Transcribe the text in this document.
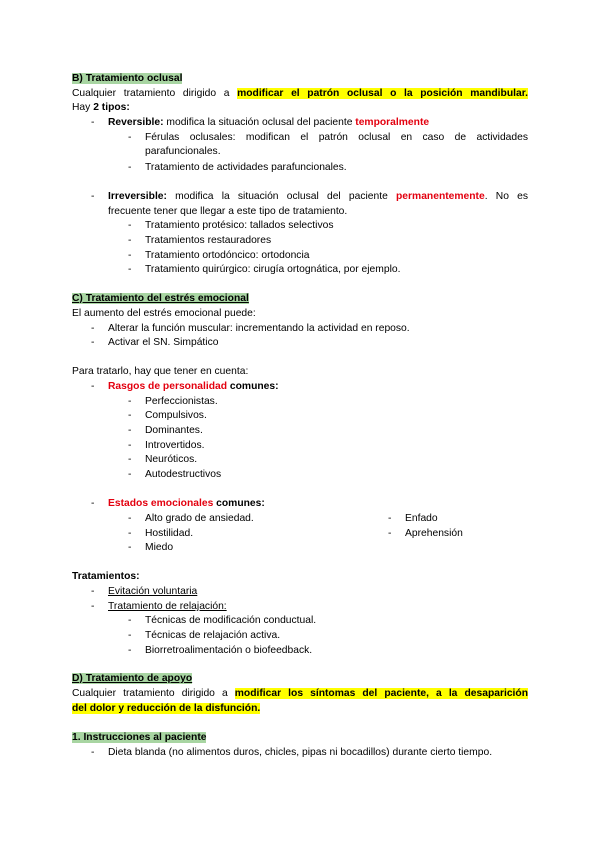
B) Tratamiento oclusal
Cualquier tratamiento dirigido a modificar el patrón oclusal o la posición mandibular.
Hay 2 tipos:
-	Reversible: modifica la situación oclusal del paciente temporalmente
-	Férulas oclusales: modifican el patrón oclusal en caso de actividades
parafuncionales.
-	Tratamiento de actividades parafuncionales.
-	Irreversible: modifica la situación oclusal del paciente permanentemente. No es
frecuente tener que llegar a este tipo de tratamiento.
-	Tratamiento protésico: tallados selectivos
-	Tratamientos restauradores
-	Tratamiento ortodóncico: ortodoncia
-	Tratamiento quirúrgico: cirugía ortognática, por ejemplo.
C) Tratamiento del estrés emocional
El aumento del estrés emocional puede:
-	Alterar la función muscular: incrementando la actividad en reposo.
-	Activar el SN. Simpático
Para tratarlo, hay que tener en cuenta:
-	Rasgos de personalidad comunes:
-	Perfeccionistas.
-	Compulsivos.
-	Dominantes.
-	Introvertidos.
-	Neuróticos.
-	Autodestructivos
-	Estados emocionales comunes:
-	Alto grado de ansiedad.	-	Enfado
-	Hostilidad.	-	Aprehensión
-	Miedo
Tratamientos:
-	Evitación voluntaria
-	Tratamiento de relajación:
-	Técnicas de modificación conductual.
-	Técnicas de relajación activa.
-	Biorretroalimentación o biofeedback.
D) Tratamiento de apoyo
Cualquier tratamiento dirigido a modificar los síntomas del paciente, a la desaparición
del dolor y reducción de la disfunción.
1. Instrucciones al paciente
-	Dieta blanda (no alimentos duros, chicles, pipas ni bocadillos) durante cierto tiempo.
